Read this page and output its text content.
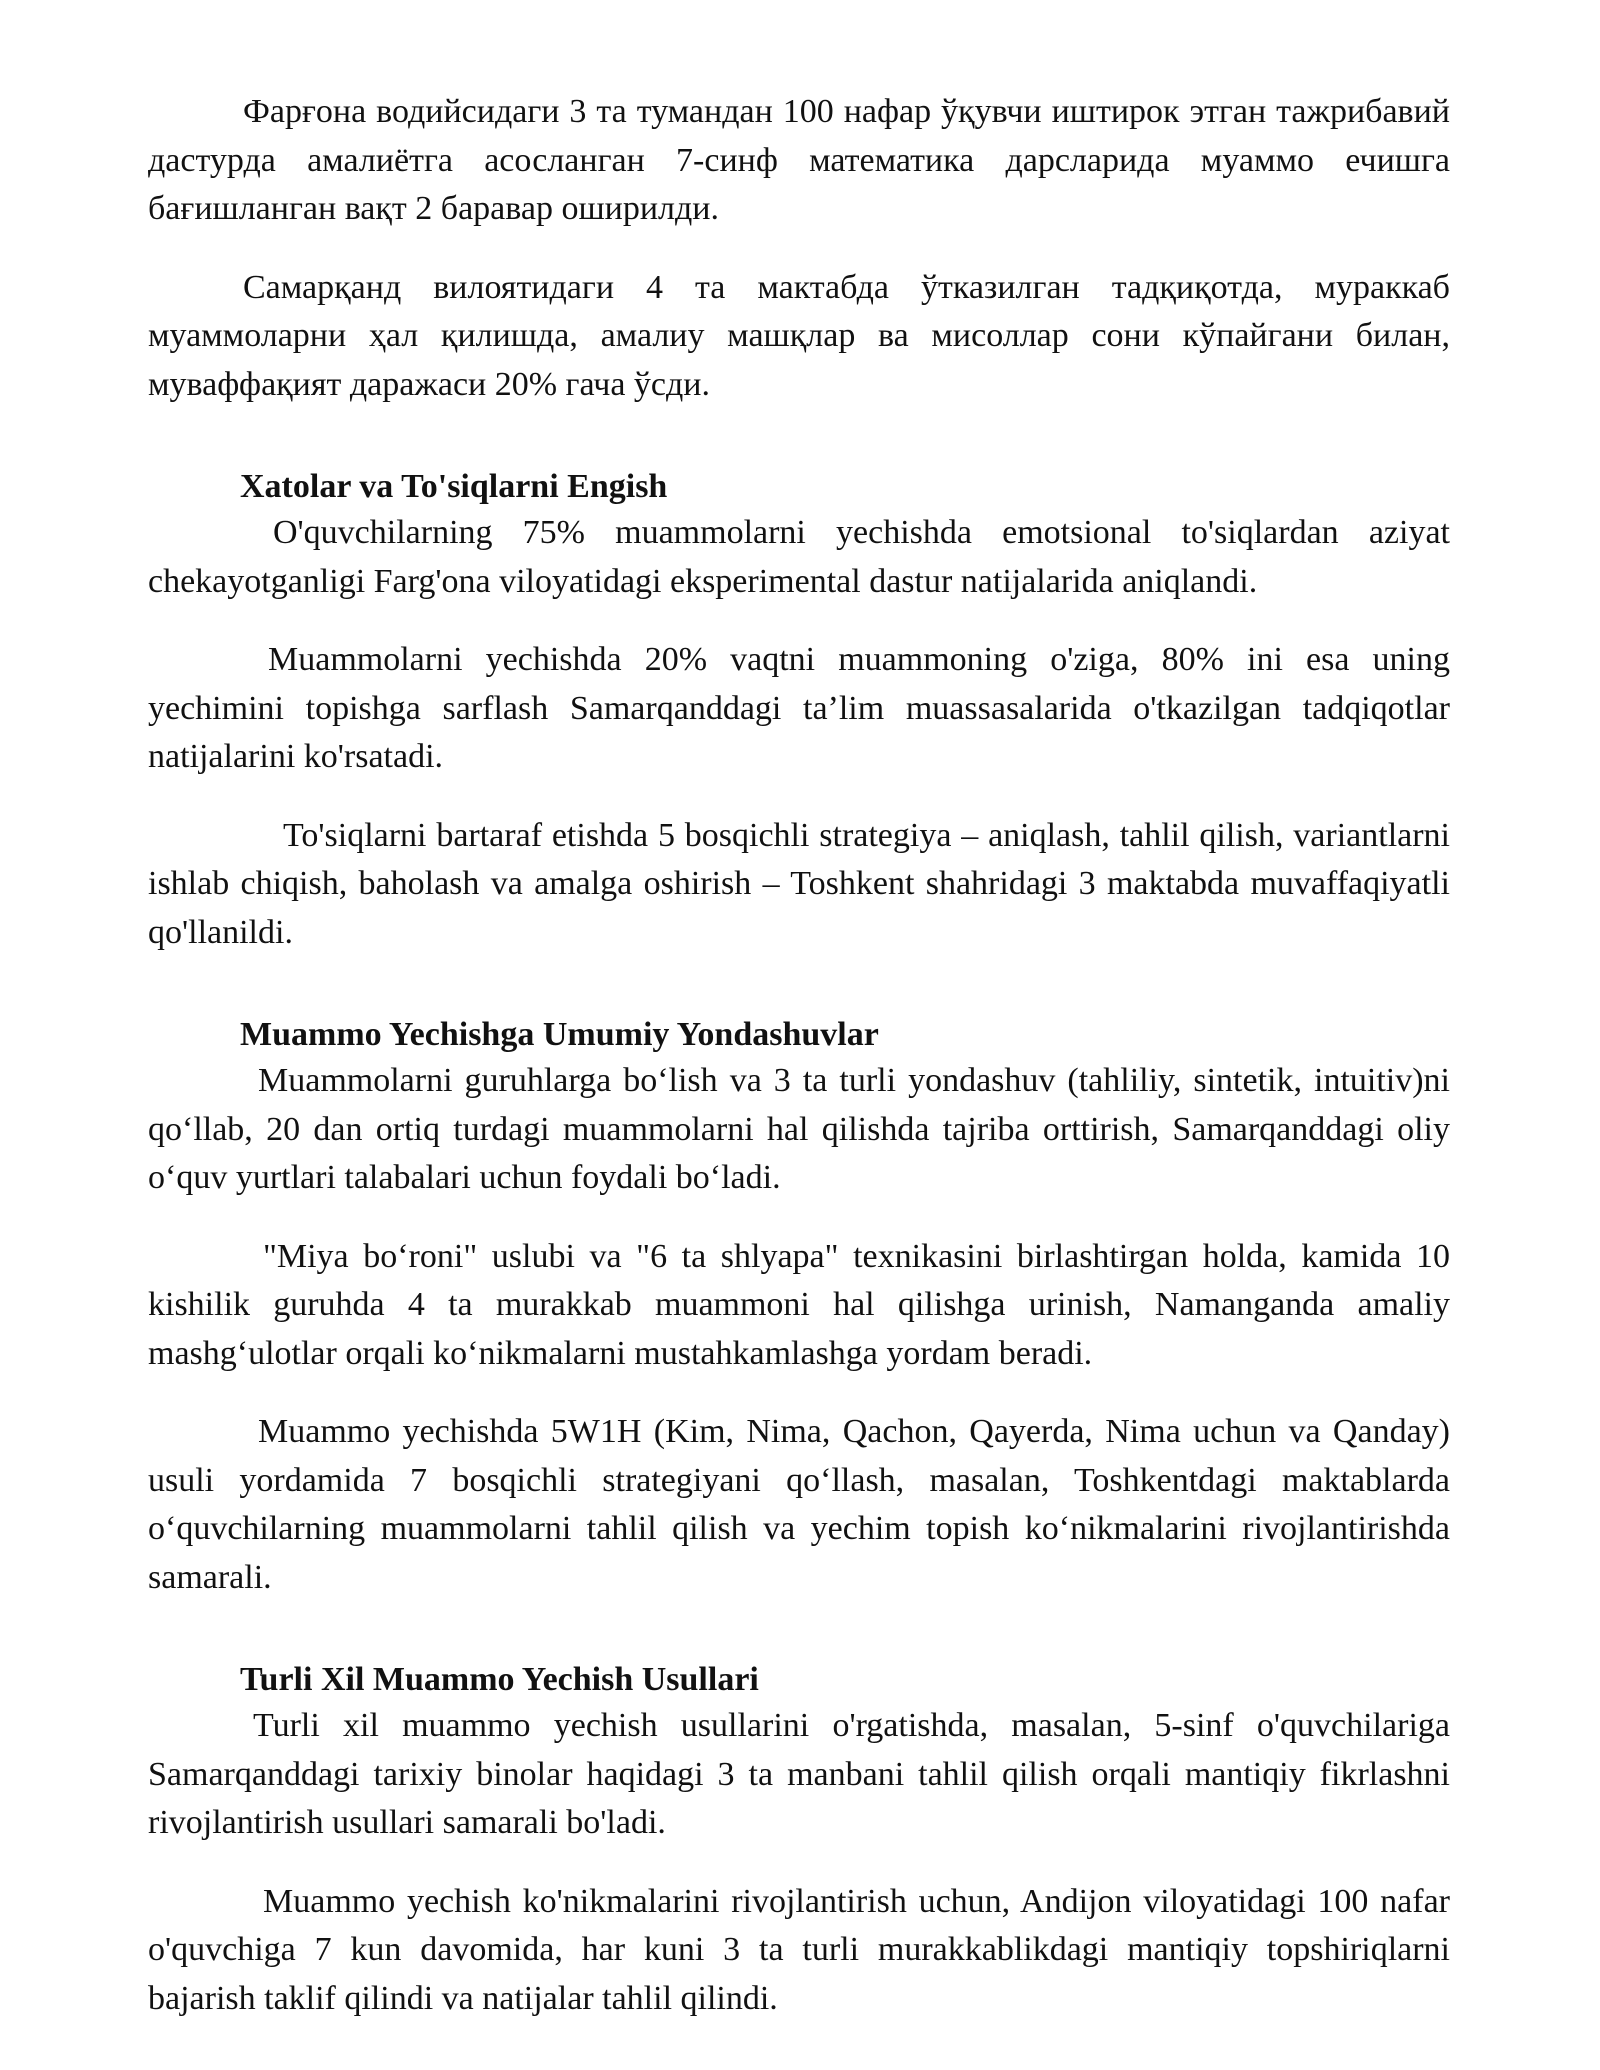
Фарғона водийсидаги 3 та тумандан 100 нафар ўқувчи иштирок этган тажрибавий дастурда амалиётга асосланган 7-синф математика дарсларида муаммо ечишга бағишланган вақт 2 баравар оширилди.

Самарқанд вилоятидаги 4 та мактабда ўтказилган тадқиқотда, мураккаб муаммоларни ҳал қилишда, амалиу машқлар ва мисоллар сони кўпайгани билан, муваффақият даражаси 20% гача ўсди.

Xatolar va To'siqlarni Engish

O'quvchilarning 75% muammolarni yechishda emotsional to'siqlardan aziyat chekayotganligi Farg'ona viloyatidagi eksperimental dastur natijalarida aniqlandi.

Muammolarni yechishda 20% vaqtni muammoning o'ziga, 80% ini esa uning yechimini topishga sarflash Samarqanddagi ta’lim muassasalarida o'tkazilgan tadqiqotlar natijalarini ko'rsatadi.

To'siqlarni bartaraf etishda 5 bosqichli strategiya – aniqlash, tahlil qilish, variantlarni ishlab chiqish, baholash va amalga oshirish – Toshkent shahridagi 3 maktabda muvaffaqiyatli qo'llanildi.

Muammo Yechishga Umumiy Yondashuvlar

Muammolarni guruhlarga boʻlish va 3 ta turli yondashuv (tahliliy, sintetik, intuitiv)ni qoʻllab, 20 dan ortiq turdagi muammolarni hal qilishda tajriba orttirish, Samarqanddagi oliy oʻquv yurtlari talabalari uchun foydali boʻladi.

"Miya boʻroni" uslubi va "6 ta shlyapa" texnikasini birlashtirgan holda, kamida 10 kishilik guruhda 4 ta murakkab muammoni hal qilishga urinish, Namanganda amaliy mashgʻulotlar orqali koʻnikmalarni mustahkamlashga yordam beradi.

Muammo yechishda 5W1H (Kim, Nima, Qachon, Qayerda, Nima uchun va Qanday) usuli yordamida 7 bosqichli strategiyani qoʻllash, masalan, Toshkentdagi maktablarda oʻquvchilarning muammolarni tahlil qilish va yechim topish koʻnikmalarini rivojlantirishda samarali.

Turli Xil Muammo Yechish Usullari

Turli xil muammo yechish usullarini o'rgatishda, masalan, 5-sinf o'quvchilariga Samarqanddagi tarixiy binolar haqidagi 3 ta manbani tahlil qilish orqali mantiqiy fikrlashni rivojlantirish usullari samarali bo'ladi.

Muammo yechish ko'nikmalarini rivojlantirish uchun, Andijon viloyatidagi 100 nafar o'quvchiga 7 kun davomida, har kuni 3 ta turli murakkablikdagi mantiqiy topshiriqlarni bajarish taklif qilindi va natijalar tahlil qilindi.
